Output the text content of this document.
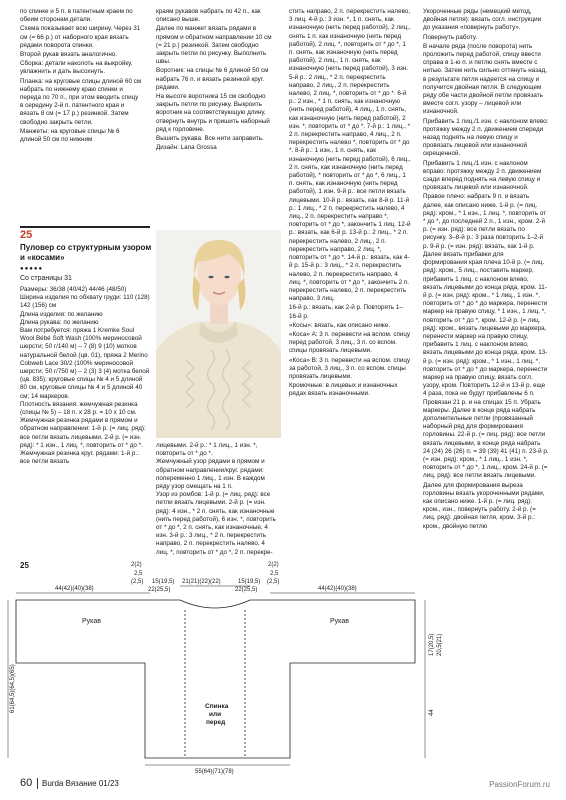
по спинке и 5 п. в патентным краем по обеим сторонам детали.

Схема показывает всю ширину. Через 31 см (= 66 р.) от наборного края вязать рядами поворота спинки.

Второй рукав вязать аналогично.

Сборка: детали наколоть на выкройку, увлажнить и дать высохнуть.

Планка: на круговые спицы длиной 60 см набрать по нижнему краю спинки и переда по 70 п., при этом вводить спицу в середину 2-й п. патентного края и вязать 8 см (= 17 р.) резинкой. Затем свободно закрыть петли.

Манжеты: на круговые спицы № 6 длиной 50 см по нижним

краям рукавов набрать по 42 п., как описано выше.

Далее по манжет вязать рядами в прямом и обратном направлении 10 см (= 21 р.) резинкой. Затем свободно закрыть петли по рисунку. Выполнить швы.

Воротник: на спицы № 6 длиной 50 см набрать 76 п. и вязать резинкой круг. рядами.

На высоте воротника 15 см свободно закрыть петли по рисунку. Выкроить воротник на соответствующую длину, отвернуть внутрь и пришить наборный ряд к горловине.

Вышить рукава. Все нити заправить.

Дизайн: Lana Grossa

25
Пуловер со структурным узором и «косами»
●●●●●
Со страницы 31

Размеры: 36/38 (40/42) 44/46 (48/50)

Ширина изделия по обхвату груди: 110 (128) 142 (156) см

Длина изделия: по желанию

Длина рукава: по желанию

Вам потребуется: пряжа 1 Kremke Soul Wool Bébé Soft Wash (100% мериносовой шерсти; 50 г/140 м) – 7 (8) 9 (10) мотков натуральной белой (цв. 01), пряжа 2 Merino Cobweb Lace 30/2 (100% мериносовой шерсти; 50 г/750 м) – 2 (3) 3 (4) мотка белой (цв. 835); круговые спицы № 4 и 5 длиной 80 см, круговые спицы № 4 и 5 длиной 40 см; 14 маркеров.

Плотность вязания: жемчужная резинка (спицы № 5) – 18 п. x 28 р. = 10 x 10 см.

Жемчужная резинка рядами в прямом и обратном направлении: 1-й р. (= лиц. ряд): все петли вязать лицевыми. 2-й р. (= изн. ряд): * 1 изн., 1 лиц. *, повторить от * до *.

Жемчужная резинка круг. рядами: 1-й р.: все петли вязать

лицевыми. 2-й р.: * 1 лиц., 1 изн. *, повторить от * до *.

Жемчужный узор рядами в прямом и обратном направлении/круг. рядами: попеременно 1 лиц., 1 изн. В каждом ряду узор смещать на 1 п.

Узор из ромбов: 1-й р. (= лиц. ряд): все петли вязать лицевыми. 2-й р. (= изн. ряд): 4 изн., * 2 п. снять, как изнаночные (нить перед работой), 6 изн. *, повторить от * до *, 2 п. снять, как изнаночные, 4 изн. 3-й р.: 3 лиц., * 2 п. перекрестить направо, 2 п. перекрестить налево, 4 лиц. *, повторить от * до *, 2 п. перекре-

стить направо, 2 п. перекрестить налево, 3 лиц. 4-й р.: 3 изн. *, 1 п. снять, как изнаночную (нить перед работой), 2 лиц., снять 1 п. как изнаночную (нить перед работой), 2 лиц. *, повторить от * до *, 1 п. снять, как изнаночную (нить перед работой), 2 лиц., 1 п. снять, как изнаночную (нить перед работой), 3 изн. 5-й р.: 2 лиц., * 2 п. перекрестить направо, 2 лиц., 2 п. перекрестить налево, 2 лиц. *, повторить от * до *. 6-й р.: 2 изн., * 1 п. снять, как изнаночную (нить перед работой), 4 лиц., 1 п. снять, как изнаночную (нить перед работой), 2 изн. *, повторить от * до *. 7-й р.: 1 лиц., * 2 п. перекрестить направо, 4 лиц., 2 п. перекрестить налево *, повторить от * до *. 8-й р.: 1 изн., 1 п. снять, как изнаночную (нить перед работой), 6 лиц., 2 п. снять, как изнаночную (нить перед работой), * повторить от * до *, 6 лиц., 1 п. снять, как изнаночную (нить перед работой), 1 изн. 9-й р.: все петли вязать лицевыми. 10-й р.: вязать, как 8-й р. 11-й р.: 1 лиц., * 2 п. перекрестить налево, 4 лиц., 2 п. перекрестить направо *, повторить от * до *, закончить 1 лиц. 12-й р.: вязать, как 6-й р. 13-й р.: 2 лиц., * 2 п. перекрестить налево, 2 лиц., 2 п. перекрестить направо, 2 лиц. *, повторить от * до *. 14-й р.: вязать, как 4-й р. 15-й р.: 3 лиц., * 2 п. перекрестить налево, 2 п. перекрестить направо, 4 лиц. *, повторить от * до *, закончить 2 п. перекрестить налево, 2 п. перекрестить направо, 3 лиц.

16-й р.: вязать, как 2-й р. Повторять 1–16-й р.

«Косы»: вязать, как описано ниже.

«Коса» А: 3 п. перевести на вспом. спицу перед работой, 3 лиц., 3 п. со вспом. спицы провязать лицевыми.

«Коса» В: 3 п. перевести на вспом. спицу за работой, 3 лиц., 3 п. со вспом. спицы провязать лицевыми.

Кромочные: в лицевых и изнаночных рядах вязать изнаночными.

Укороченные ряды (немецкий метод, двойная петля): вязать согл. инструкции до указания «повернуть работу».

Повернуть работу.

В начале ряда (после поворота) нить проложить перед работой, спицу ввести справа в 1-ю п. и петлю снять вместе с нитью. Затем нить сильно оттянуть назад, в результате петля надеется на спицу и получится двойная петля. В следующем ряду обе части двойной петли провязать вместе согл. узору – лицевой или изнаночной.

Прибавить 1 лиц./1 изн. с наклоном влево: протяжку между 2 п. движением спереди назад поднять на левую спицу и провязать лицевой или изнаночной скрещенной.

Прибавить 1 лиц./1 изн. с наклоном вправо: протяжку между 2 п. движением сзади вперед поднять на левую спицу и провязать лицевой или изнаночной.

Правое плечо: набрать 9 п. и вязать далее, как описано ниже. 1-й р. (= лиц. ряд): кром., * 1 изн., 1 лиц. *, повторить от * до *, до последней 2 п., 1 изн., кром. 2-й р. (= изн. ряд): все петли вязать по рисунку. 3–8-й р.: 3 раза повторить 1–2-й р. 9-й р. (= изн. ряд): вязать, как 1-й р. Далее вязать прибавки для формирования края плеча 10-й р. (= лиц. ряд): кром., 5 лиц., поставить маркер, прибавить 1 лиц. с наклоном влево, вязать лицевыми до конца ряда, кром. 11-й р. (= изн. ряд): кром., * 1 лиц., 1 изн. *, повторить от * до * до маркера, перенести маркер на правую спицу, * 1 изн., 1 лиц. *, повторить от * до *, кром. 12-й р. (= лиц. ряд): кром., вязать лицевыми до маркера, перенести маркер на правую спицу, прибавить 1 лиц. с наклоном влево, вязать лицевыми до конца ряда, кром. 13-й р. (= изн. ряд): кром., * 1 изн., 1 лиц. *, повторить от * до * до маркера, перенести маркер на правую спицу, вязать согл. узору, кром. Повторить 12-й и 13-й р. еще 4 раза, пока не будут прибавлены 6 п. Провязан 21 р. и на спицах 15 п. Убрать маркеры. Далее в конце ряда набрать дополнительные петли (провязанный наборный ряд для формирования горловины. 22-й р. (= лиц. ряд): все петли вязать лицевыми, в конце ряда набрать 24 (24) 26 (26) п. = 39 (39) 41 (41) п. 23-й р. (= изн. ряд): кром., * 1 лиц., 1 изн. *, повторить от * до *, 1 лиц., кром. 24-й р. (= лиц. ряд): все петли вязать лицевыми.

Далее для формирования выреза горловины вязать укороченными рядами, как описано ниже. 1-й р. (= лиц. ряд): кром., изн., повернуть работу. 2-й р. (= лиц. ряд): двойная петля, кром. 3-й р.: кром., двойную петлю

25
44(42)(40)(38)	44(42)(40)(38)
2(2)
2,5
(2,5) 15(19,5)
22(25,5)
21(21)(22)(22)	15(19,5)
22(25,5)
2(2)
2,5
(2,5)
Рукав	Рукав
Спинка
или
перед
61(64,5)(64,5)(65)	44
17(20,5) 20,5(21)
55(64)(71)(78)
60 Burda Вязание 01/23	PassionForum.ru
